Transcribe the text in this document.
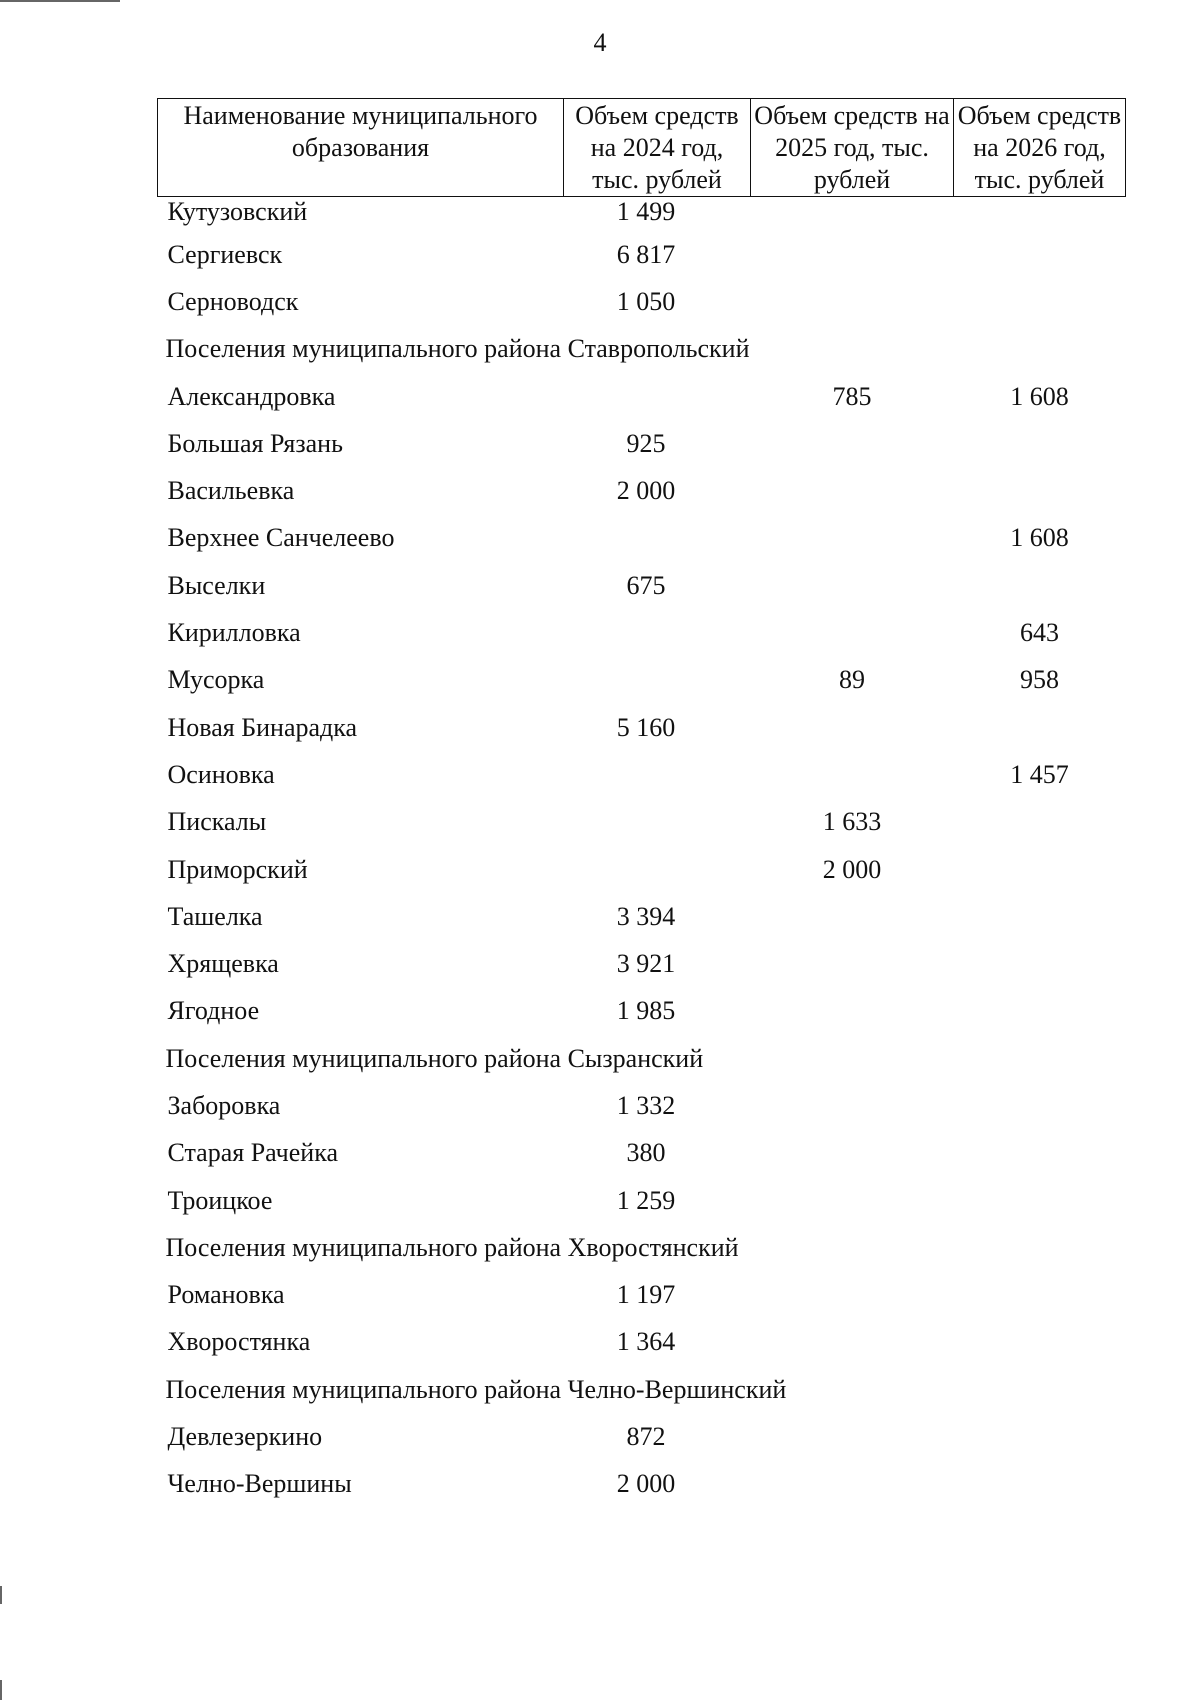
4
Наименование муниципального образования	Объем средств на 2024 год, тыс. рублей	Объем средств на 2025 год, тыс. рублей	Объем средств на 2026 год, тыс. рублей
Кутузовский	1 499		
Сергиевск	6 817		
Серноводск	1 050		
Поселения муниципального района Ставропольский			
Александровка		785	1 608
Большая Рязань	925		
Васильевка	2 000		
Верхнее Санчелеево			1 608
Выселки	675		
Кирилловка			643
Мусорка		89	958
Новая Бинарадка	5 160		
Осиновка			1 457
Пискалы		1 633	
Приморский		2 000	
Ташелка	3 394		
Хрящевка	3 921		
Ягодное	1 985		
Поселения муниципального района Сызранский			
Заборовка	1 332		
Старая Рачейка	380		
Троицкое	1 259		
Поселения муниципального района Хворостянский			
Романовка	1 197		
Хворостянка	1 364		
Поселения муниципального района Челно-Вершинский			
Девлезеркино	872		
Челно-Вершины	2 000		
